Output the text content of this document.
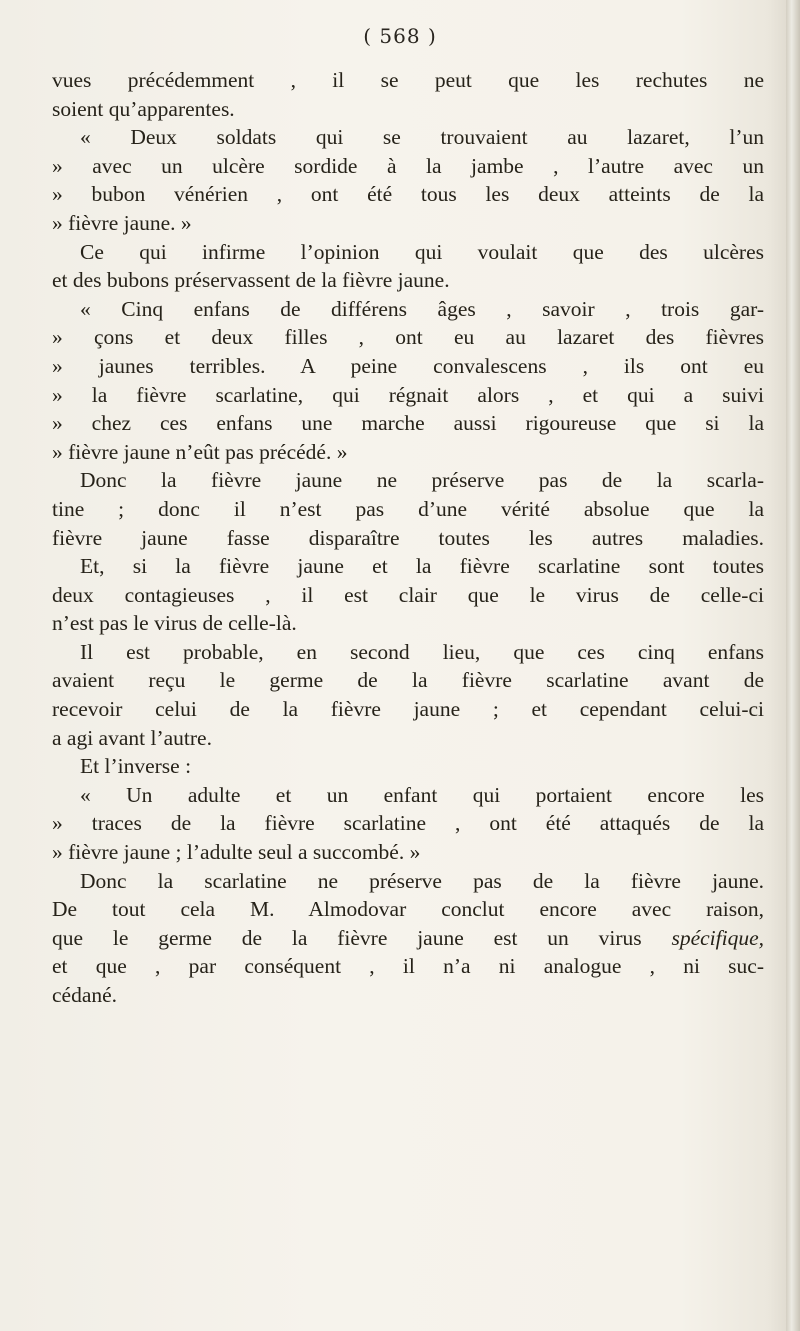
( 568 )
vues précédemment , il se peut que les rechutes ne
soient qu’apparentes.
« Deux soldats qui se trouvaient au lazaret, l’un
» avec un ulcère sordide à la jambe , l’autre avec un
» bubon vénérien , ont été tous les deux atteints de la
» fièvre jaune. »
Ce qui infirme l’opinion qui voulait que des ulcères
et des bubons préservassent de la fièvre jaune.
« Cinq enfans de différens âges , savoir , trois gar-
» çons et deux filles , ont eu au lazaret des fièvres
» jaunes terribles. A peine convalescens , ils ont eu
» la fièvre scarlatine, qui régnait alors , et qui a suivi
» chez ces enfans une marche aussi rigoureuse que si la
» fièvre jaune n’eût pas précédé. »
Donc la fièvre jaune ne préserve pas de la scarla-
tine ; donc il n’est pas d’une vérité absolue que la
fièvre jaune fasse disparaître toutes les autres maladies.
Et, si la fièvre jaune et la fièvre scarlatine sont toutes
deux contagieuses , il est clair que le virus de celle-ci
n’est pas le virus de celle-là.
Il est probable, en second lieu, que ces cinq enfans
avaient reçu le germe de la fièvre scarlatine avant de
recevoir celui de la fièvre jaune ; et cependant celui-ci
a agi avant l’autre.
Et l’inverse :
« Un adulte et un enfant qui portaient encore les
» traces de la fièvre scarlatine , ont été attaqués de la
» fièvre jaune ; l’adulte seul a succombé. »
Donc la scarlatine ne préserve pas de la fièvre jaune.
De tout cela M. Almodovar conclut encore avec raison,
que le germe de la fièvre jaune est un virus spécifique,
et que , par conséquent , il n’a ni analogue , ni suc-
cédané.
